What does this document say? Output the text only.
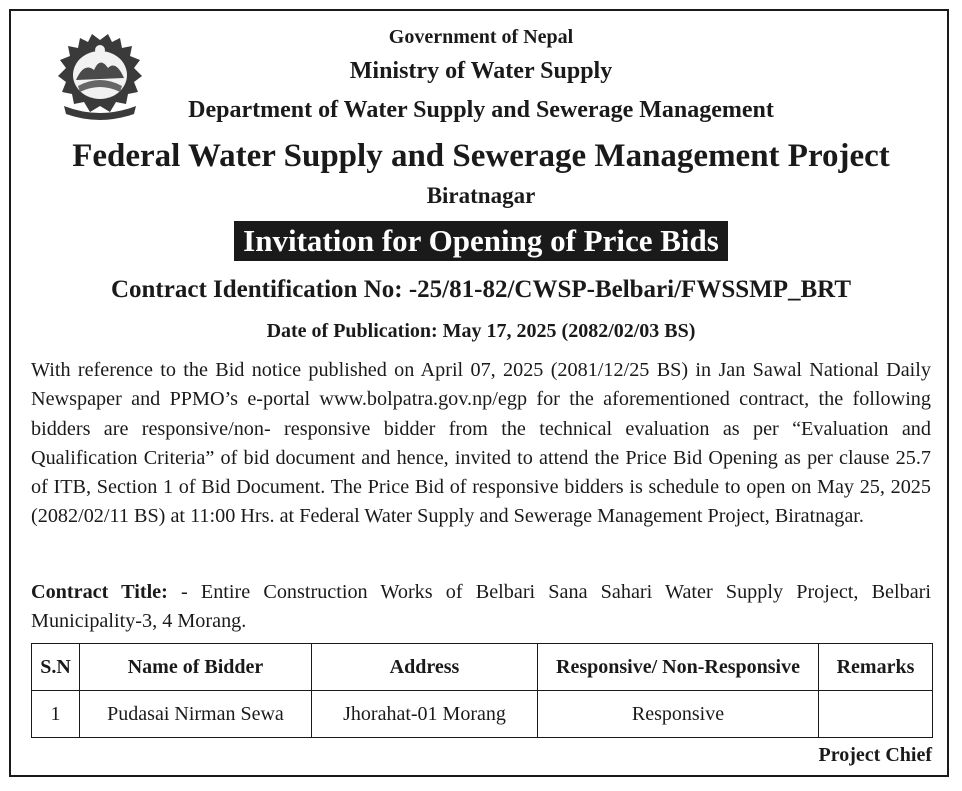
Government of Nepal
Ministry of Water Supply
Department of Water Supply and Sewerage Management
Federal Water Supply and Sewerage Management Project
Biratnagar
Invitation for Opening of Price Bids
Contract Identification No: -25/81-82/CWSP-Belbari/FWSSMP_BRT
Date of Publication: May 17, 2025 (2082/02/03 BS)

With reference to the Bid notice published on April 07, 2025 (2081/12/25 BS) in Jan Sawal National Daily Newspaper and PPMO’s e-portal www.bolpatra.gov.np/egp for the aforementioned contract, the following bidders are responsive/non- responsive bidder from the technical evaluation as per “Evaluation and Qualification Criteria” of bid document and hence, invited to attend the Price Bid Opening as per clause 25.7 of ITB, Section 1 of Bid Document. The Price Bid of responsive bidders is schedule to open on May 25, 2025 (2082/02/11 BS) at 11:00 Hrs. at Federal Water Supply and Sewerage Management Project, Biratnagar.

Contract Title: - Entire Construction Works of Belbari Sana Sahari Water Supply Project, Belbari Municipality-3, 4 Morang.

S.N	Name of Bidder	Address	Responsive/ Non-Responsive	Remarks
1	Pudasai Nirman Sewa	Jhorahat-01 Morang	Responsive	
Project Chief
